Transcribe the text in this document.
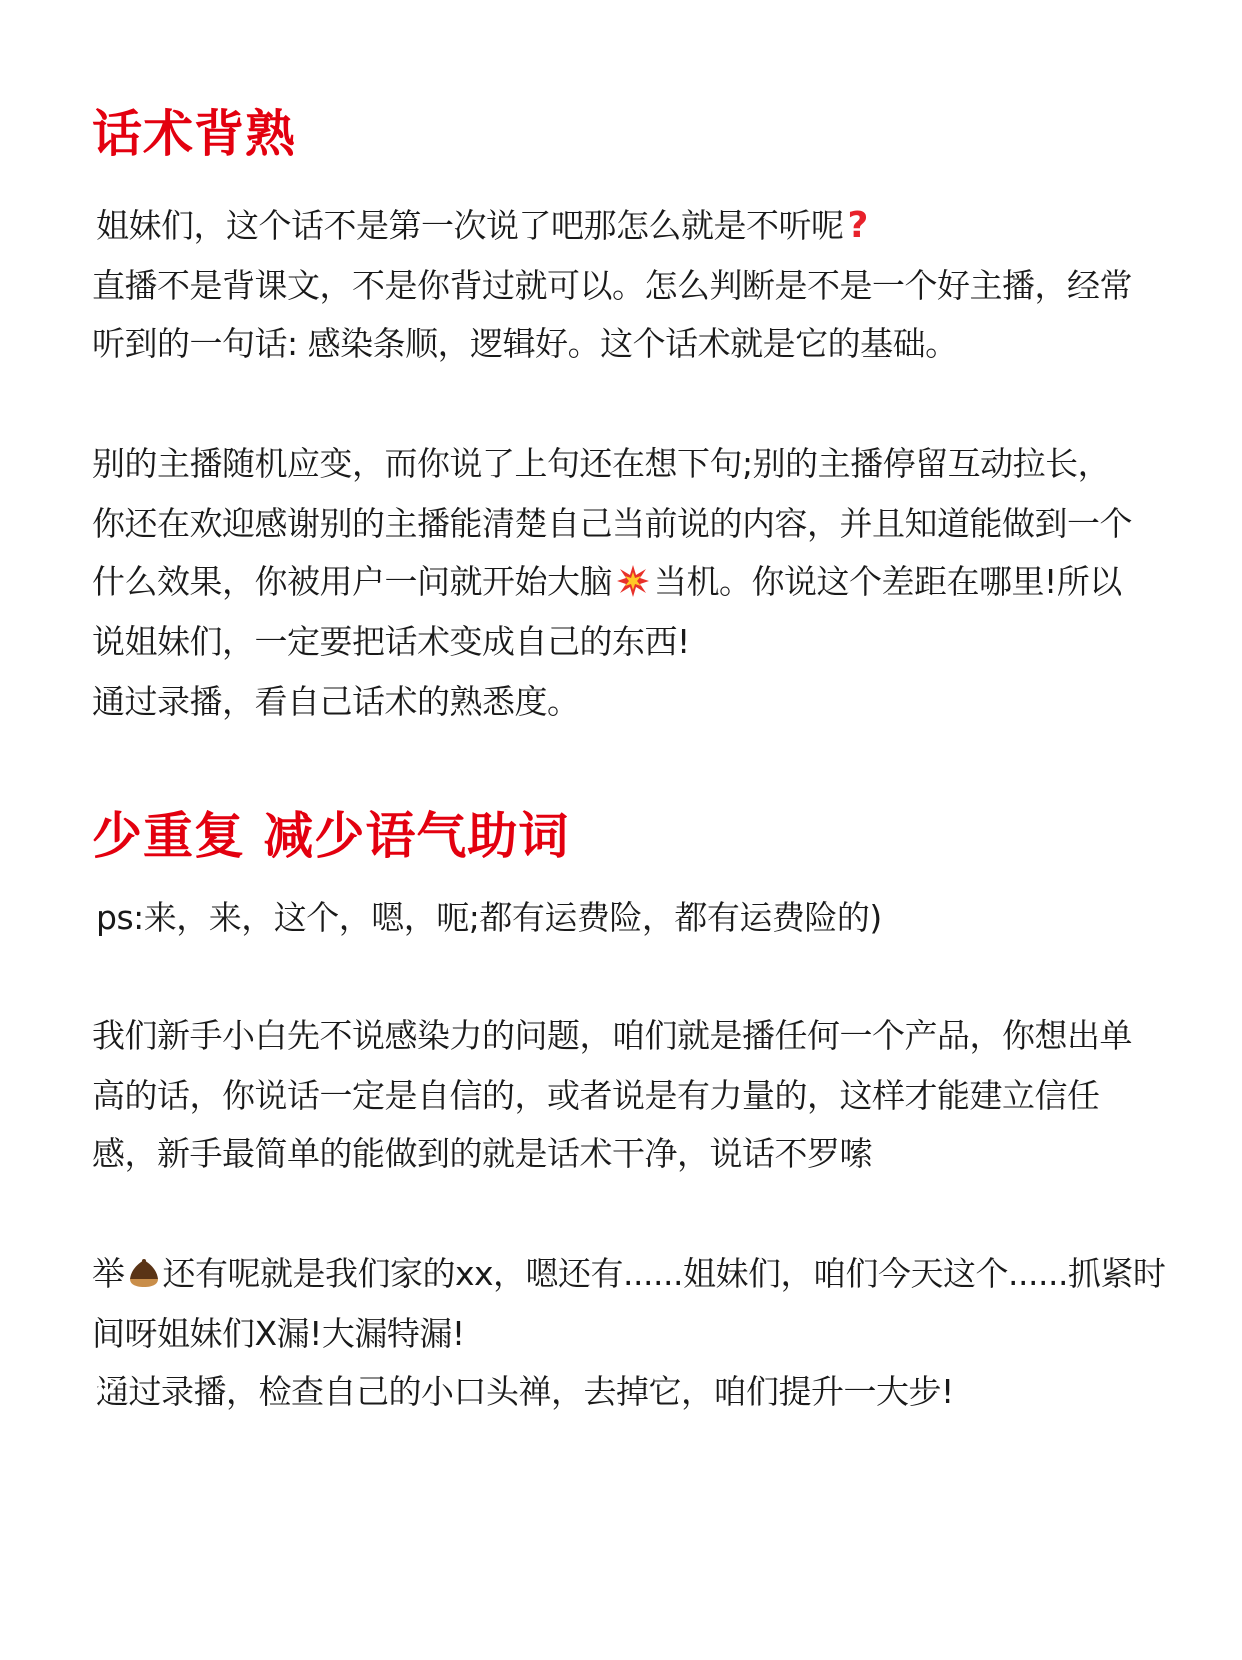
话术背熟

姐妹们，这个话不是第一次说了吧那怎么就是不听呢 ?

直播不是背课文，不是你背过就可以。怎么判断是不是一个好主播，经常

听到的一句话: 感染条顺，逻辑好。这个话术就是它的基础。

别的主播随机应变，而你说了上句还在想下句;别的主播停留互动拉长，

你还在欢迎感谢别的主播能清楚自己当前说的内容，并且知道能做到一个

什么效果，你被用户一问就开始大脑 当机。你说这个差距在哪里!所以

说姐妹们，一定要把话术变成自己的东西!

通过录播，看自己话术的熟悉度。

少重复 减少语气助词

ps:来，来，这个，嗯，呃;都有运费险，都有运费险的)

我们新手小白先不说感染力的问题，咱们就是播任何一个产品，你想出单

高的话，你说话一定是自信的，或者说是有力量的，这样才能建立信任

感，新手最简单的能做到的就是话术干净，说话不罗嗦

举 还有呢就是我们家的xx，嗯还有......姐妹们，咱们今天这个......抓紧时

间呀姐妹们X漏!大漏特漏!

通过录播，检查自己的小口头禅，去掉它，咱们提升一大步!
